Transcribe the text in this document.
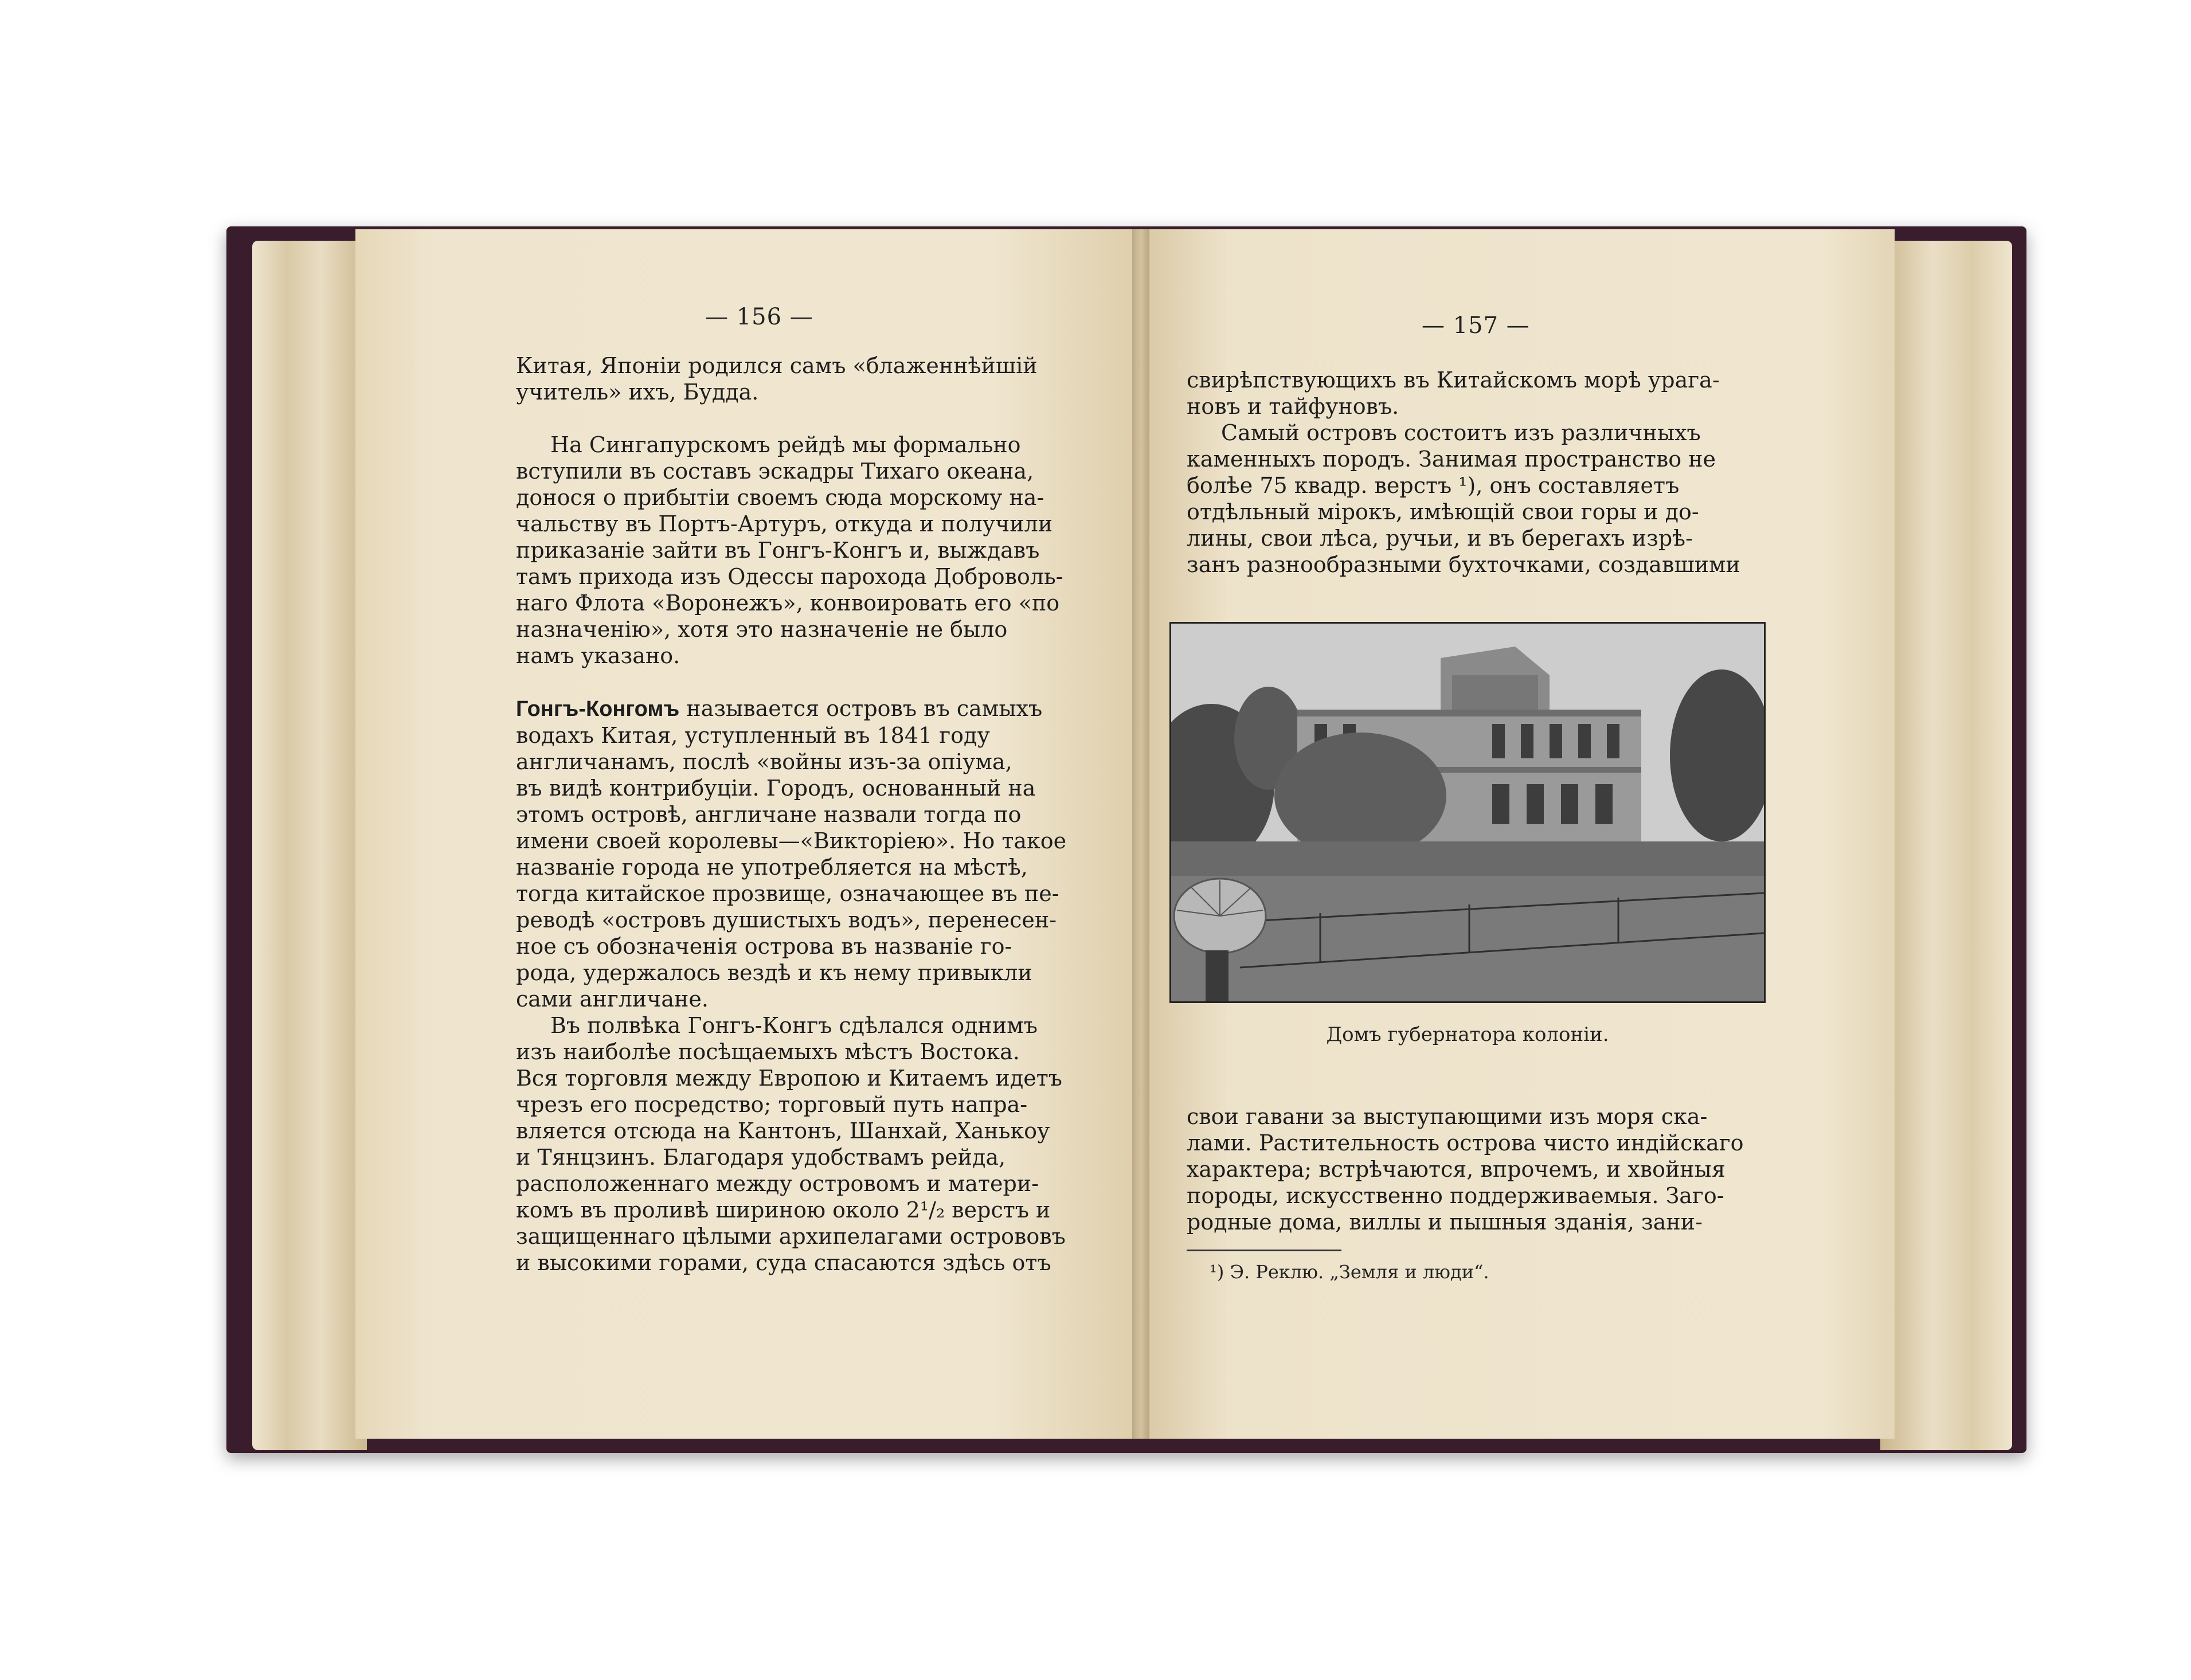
— 156 —

Китая, Японіи родился самъ «блаженнѣйшій

учитель» ихъ, Будда.

На Сингапурскомъ рейдѣ мы формально

вступили въ составъ эскадры Тихаго океана,

донося о прибытіи своемъ сюда морскому на-

чальству въ Портъ-Артуръ, откуда и получили

приказаніе зайти въ Гонгъ-Конгъ и, выждавъ

тамъ прихода изъ Одессы парохода Доброволь-

наго Флота «Воронежъ», конвоировать его «по

назначенію», хотя это назначеніе не было

намъ указано.

Гонгъ-Конгомъ называется островъ въ самыхъ

водахъ Китая, уступленный въ 1841 году

англичанамъ, послѣ «войны изъ-за опіума,

въ видѣ контрибуціи. Городъ, основанный на

этомъ островѣ, англичане назвали тогда по

имени своей королевы—«Викторіею». Но такое

названіе города не употребляется на мѣстѣ,

тогда китайское прозвище, означающее въ пе-

реводѣ «островъ душистыхъ водъ», перенесен-

ное съ обозначенія острова въ названіе го-

рода, удержалось вездѣ и къ нему привыкли

сами англичане.

Въ полвѣка Гонгъ-Конгъ сдѣлался однимъ

изъ наиболѣе посѣщаемыхъ мѣстъ Востока.

Вся торговля между Европою и Китаемъ идетъ

чрезъ его посредство; торговый путь напра-

вляется отсюда на Кантонъ, Шанхай, Ханькоу

и Тянцзинъ. Благодаря удобствамъ рейда,

расположеннаго между островомъ и матери-

комъ въ проливѣ шириною около 2¹/₂ верстъ и

защищеннаго цѣлыми архипелагами острововъ

и высокими горами, суда спасаются здѣсь отъ

— 157 —

свирѣпствующихъ въ Китайскомъ морѣ урага-

новъ и тайфуновъ.

Самый островъ состоитъ изъ различныхъ

каменныхъ породъ. Занимая пространство не

болѣе 75 квадр. верстъ ¹), онъ составляетъ

отдѣльный мірокъ, имѣющій свои горы и до-

лины, свои лѣса, ручьи, и въ берегахъ изрѣ-

занъ разнообразными бухточками, создавшими

Домъ губернатора колоніи.

свои гавани за выступающими изъ моря ска-

лами. Растительность острова чисто индійскаго

характера; встрѣчаются, впрочемъ, и хвойныя

породы, искусственно поддерживаемыя. Заго-

родные дома, виллы и пышныя зданія, зани-

¹) Э. Реклю. „Земля и люди“.
